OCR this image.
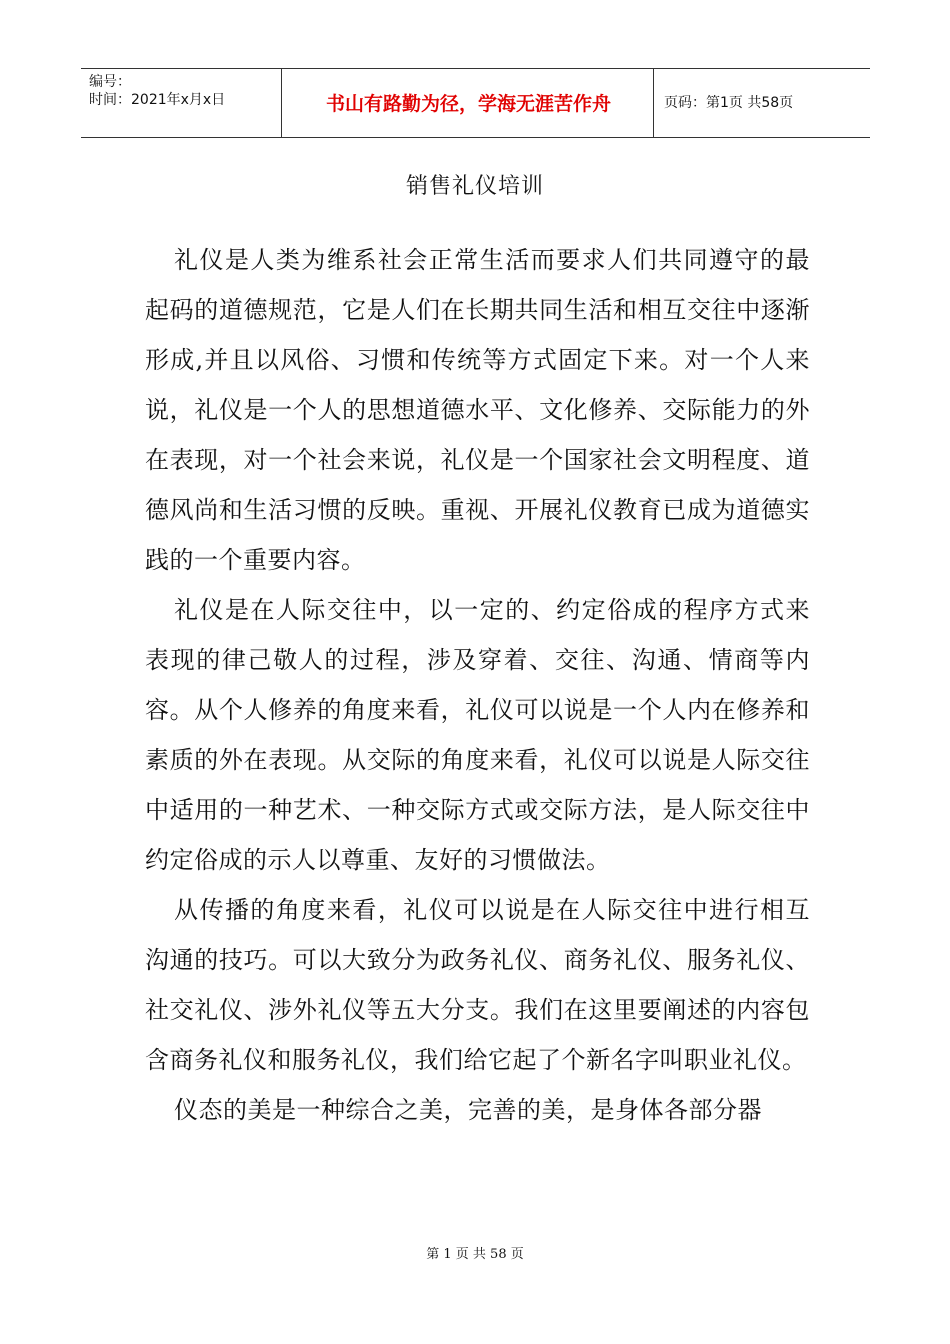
编号：
时间：2021年x月x日	书山有路勤为径，学海无涯苦作舟	页码：第1页 共58页
销售礼仪培训

礼仪是人类为维系社会正常生活而要求人们共同遵守的最起码的道德规范，它是人们在长期共同生活和相互交往中逐渐形成,并且以风俗、习惯和传统等方式固定下来。对一个人来说，礼仪是一个人的思想道德水平、文化修养、交际能力的外在表现，对一个社会来说，礼仪是一个国家社会文明程度、道德风尚和生活习惯的反映。重视、开展礼仪教育已成为道德实践的一个重要内容。

礼仪是在人际交往中，以一定的、约定俗成的程序方式来表现的律己敬人的过程，涉及穿着、交往、沟通、情商等内容。从个人修养的角度来看，礼仪可以说是一个人内在修养和素质的外在表现。从交际的角度来看，礼仪可以说是人际交往中适用的一种艺术、一种交际方式或交际方法，是人际交往中约定俗成的示人以尊重、友好的习惯做法。

从传播的角度来看，礼仪可以说是在人际交往中进行相互沟通的技巧。可以大致分为政务礼仪、商务礼仪、服务礼仪、社交礼仪、涉外礼仪等五大分支。我们在这里要阐述的内容包含商务礼仪和服务礼仪，我们给它起了个新名字叫职业礼仪。

仪态的美是一种综合之美，完善的美，是身体各部分器

第 1 页 共 58 页
